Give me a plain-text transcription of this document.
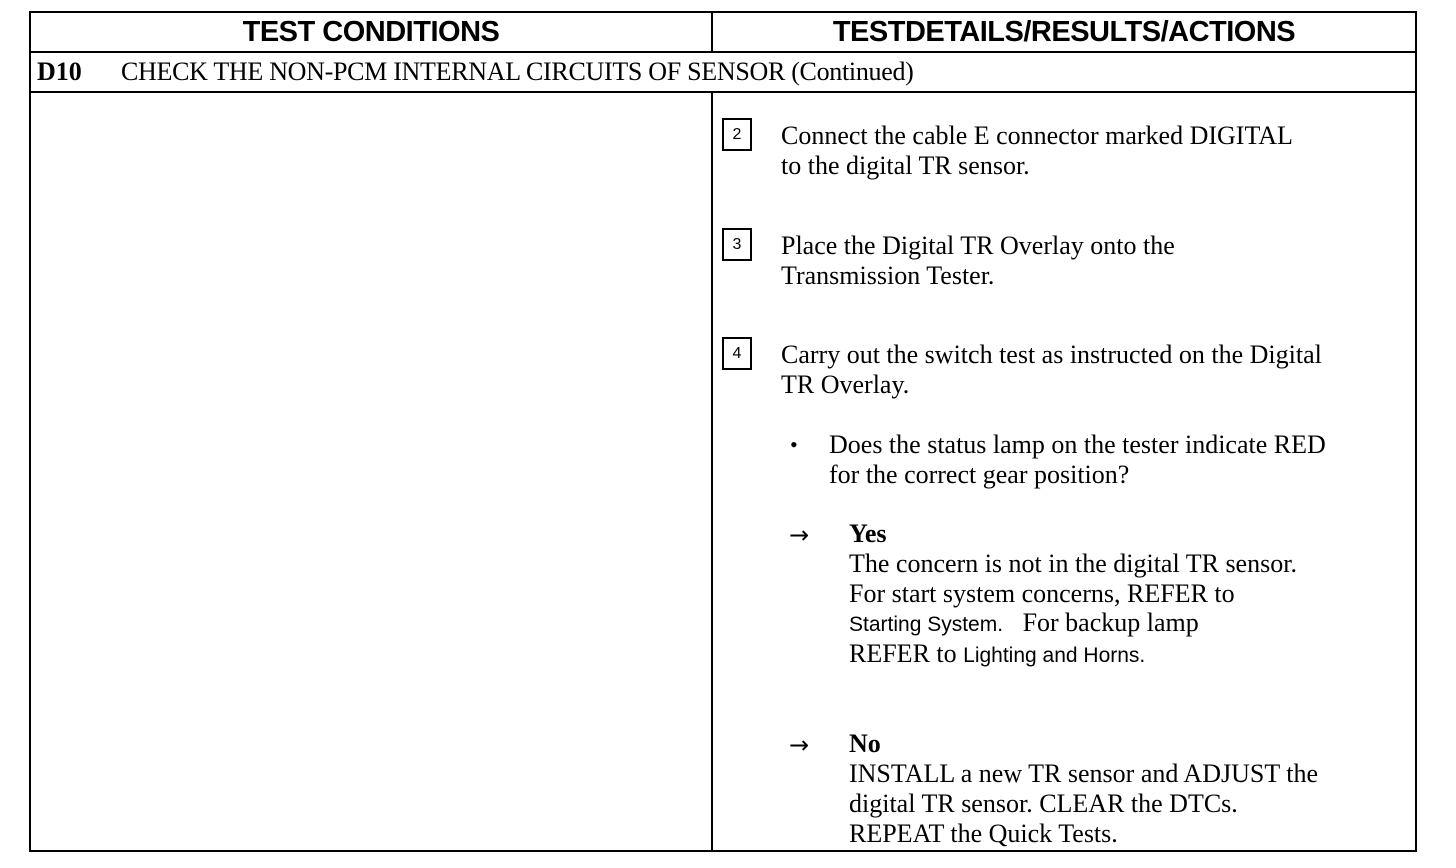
TEST CONDITIONS	TESTDETAILS/RESULTS/ACTIONS
D10	CHECK THE NON-PCM INTERNAL CIRCUITS OF SENSOR (Continued)
2	Connect the cable E connector marked DIGITAL
to the digital TR sensor.
3	Place the Digital TR Overlay onto the
Transmission Tester.
4	Carry out the switch test as instructed on the Digital
TR Overlay.
• Does the status lamp on the tester indicate RED
for the correct gear position?
→ Yes
The concern is not in the digital TR sensor.
For start system concerns, REFER to
Starting System. For backup lamp
REFER to Lighting and Horns.
→ No
INSTALL a new TR sensor and ADJUST the
digital TR sensor. CLEAR the DTCs.
REPEAT the Quick Tests.
